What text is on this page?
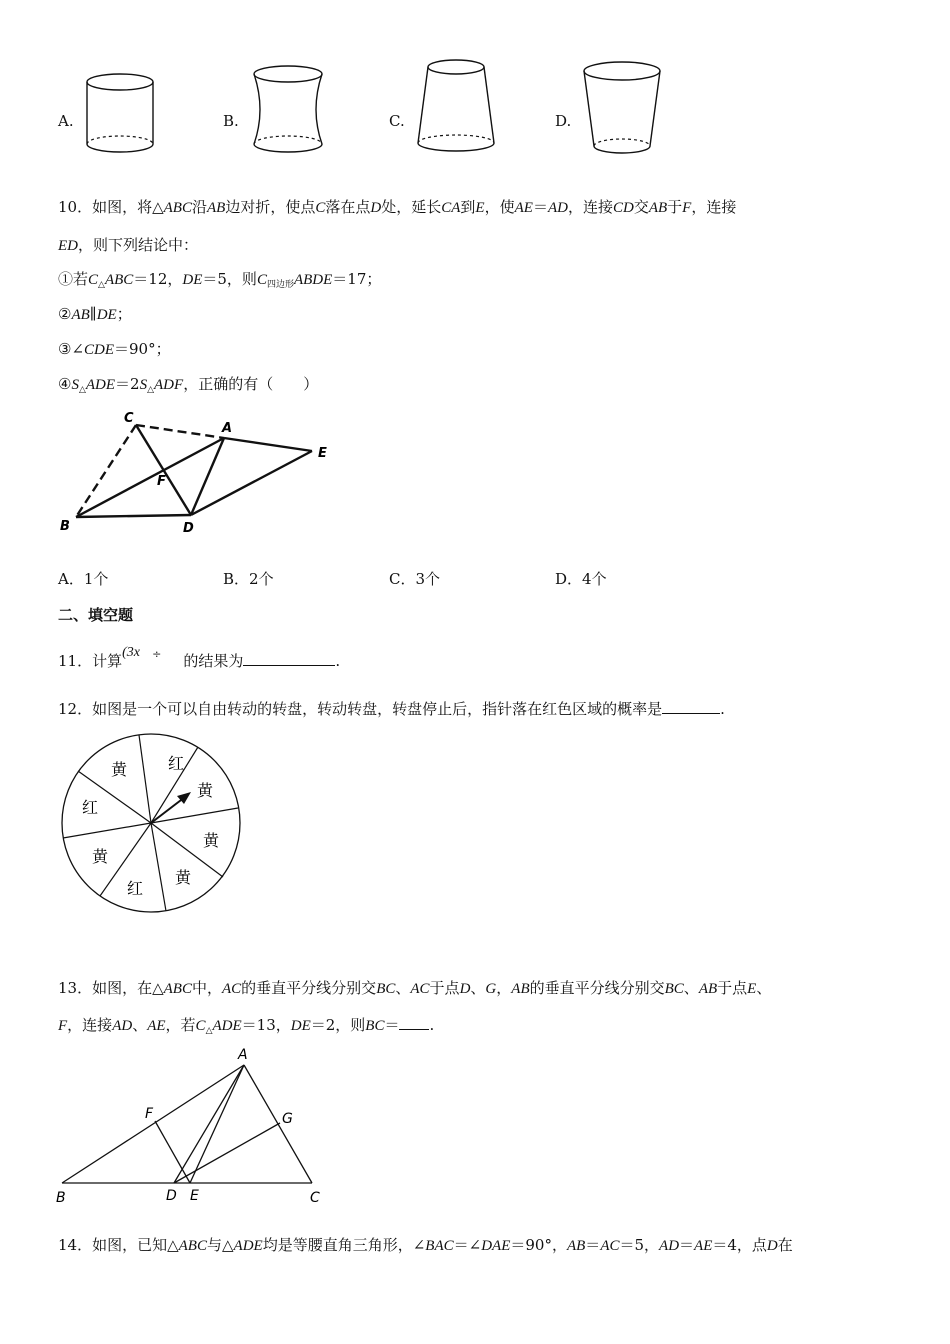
A.	B.	C.	D.
10．如图，将△ABC沿AB边对折，使点C落在点D处，延长CA到E，使AE＝AD，连接CD交AB于F，连接
ED，则下列结论中：
①若$C_\triangle ABC=12$，DE＝5，则$C_{四边形}ABDE=17$；
②AB∥DE；
③∠CDE＝90°；
$④S_\triangle ADE=2S_\triangle ADF$，正确的有（　　）
C
A
E
F
B	D
A．1个	B．2个	C．3个	D．4个
二、填空题
11．计算(3x ÷ 的结果为	.
12．如图是一个可以自由转动的转盘，转动转盘，转盘停止后，指针落在红色区域的概率是	.
红
黄
黄
黄
红
黄
红
黄
13．如图，在△ABC中，AC的垂直平分线分别交BC、AC于点D、G，AB的垂直平分线分别交BC、AB于点E、
F，连接AD、AE，若$C_\triangle ADE=13$，DE＝2，则BC＝ .
A
F	G
B	D E	C
14．如图，已知△ABC与△ADE均是等腰直角三角形，∠BAC＝∠DAE＝90°，AB＝AC＝5，AD＝AE＝4，点D在
